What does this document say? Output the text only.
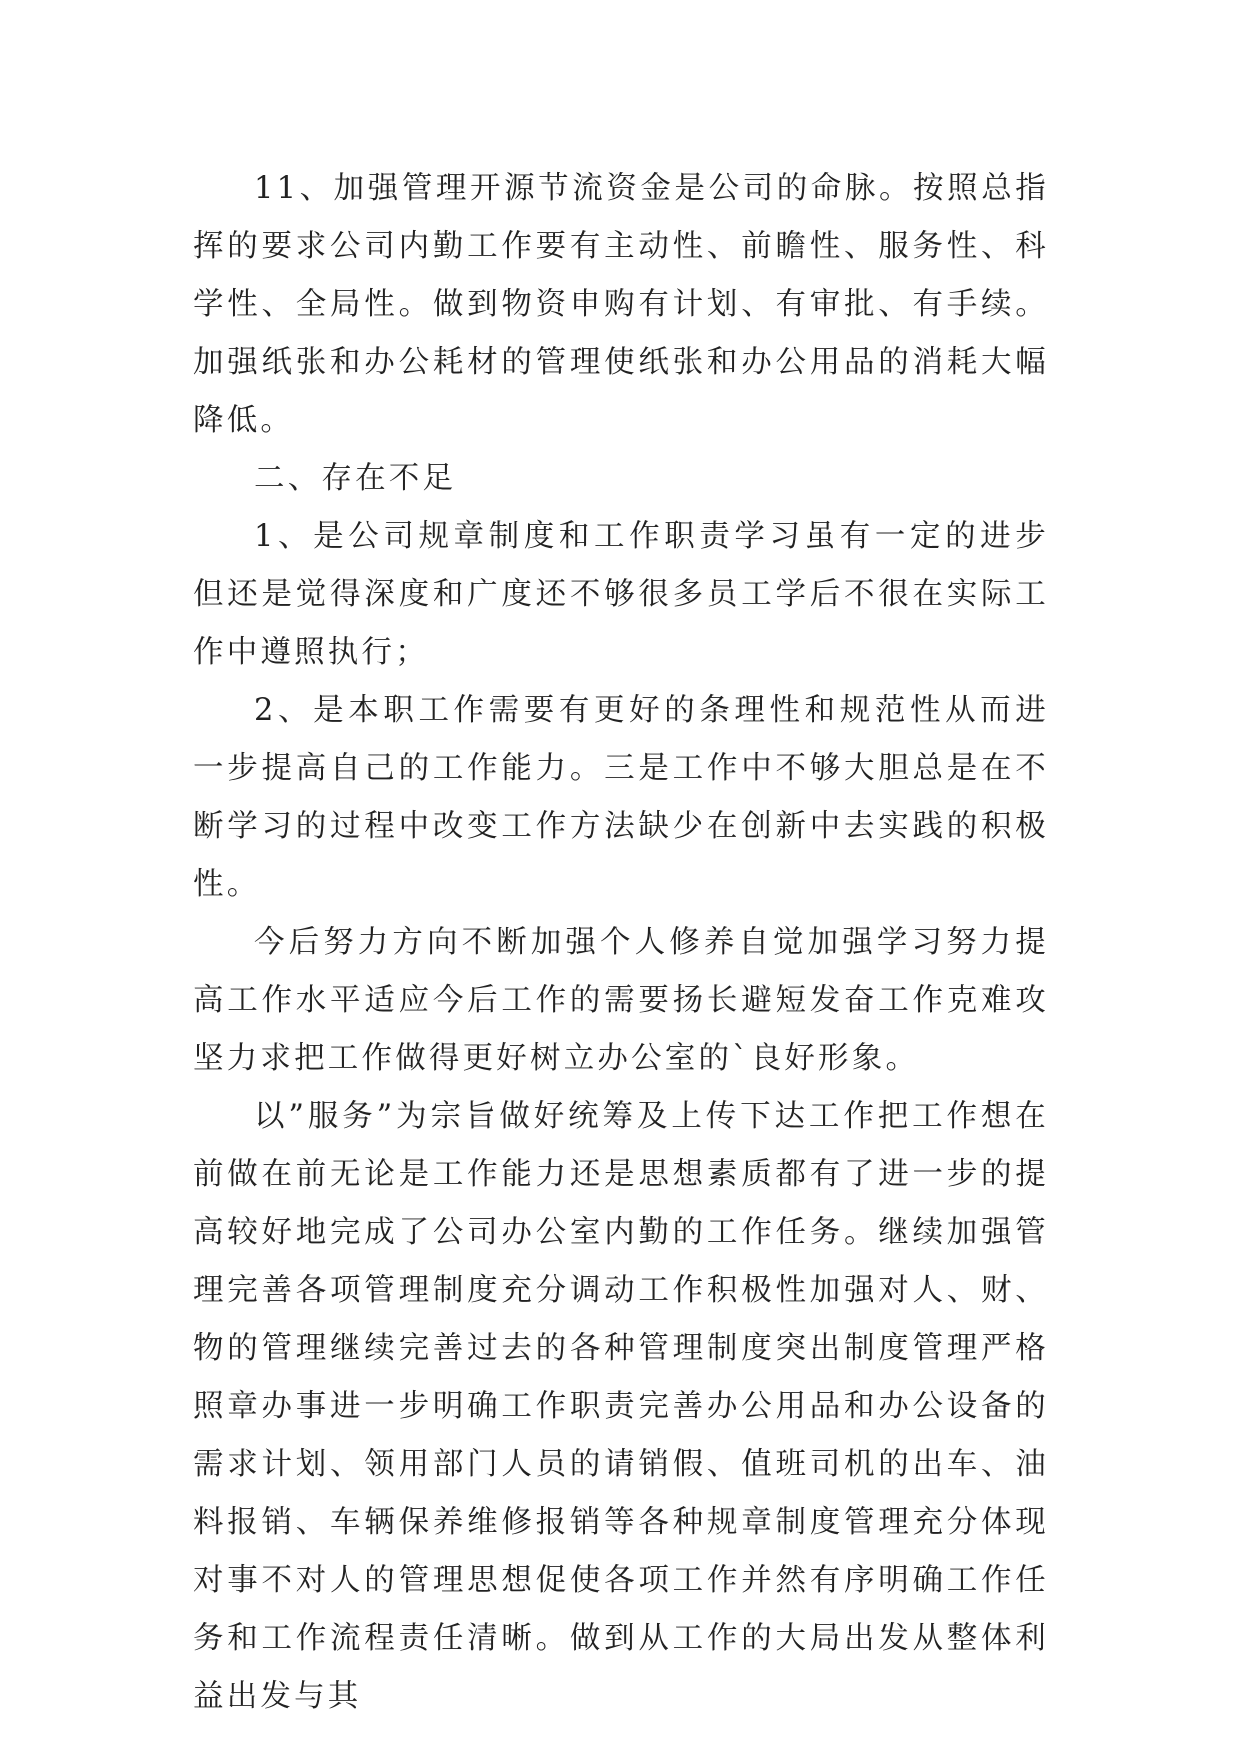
11、加强管理开源节流资金是公司的命脉。按照总指挥的要求公司内勤工作要有主动性、前瞻性、服务性、科学性、全局性。做到物资申购有计划、有审批、有手续。加强纸张和办公耗材的管理使纸张和办公用品的消耗大幅降低。

二、存在不足

1、是公司规章制度和工作职责学习虽有一定的进步但还是觉得深度和广度还不够很多员工学后不很在实际工作中遵照执行；

2、是本职工作需要有更好的条理性和规范性从而进一步提高自己的工作能力。三是工作中不够大胆总是在不断学习的过程中改变工作方法缺少在创新中去实践的积极性。

今后努力方向不断加强个人修养自觉加强学习努力提高工作水平适应今后工作的需要扬长避短发奋工作克难攻坚力求把工作做得更好树立办公室的`良好形象。

以”服务”为宗旨做好统筹及上传下达工作把工作想在前做在前无论是工作能力还是思想素质都有了进一步的提高较好地完成了公司办公室内勤的工作任务。继续加强管理完善各项管理制度充分调动工作积极性加强对人、财、物的管理继续完善过去的各种管理制度突出制度管理严格照章办事进一步明确工作职责完善办公用品和办公设备的需求计划、领用部门人员的请销假、值班司机的出车、油料报销、车辆保养维修报销等各种规章制度管理充分体现对事不对人的管理思想促使各项工作并然有序明确工作任务和工作流程责任清晰。做到从工作的大局出发从整体利益出发与其
